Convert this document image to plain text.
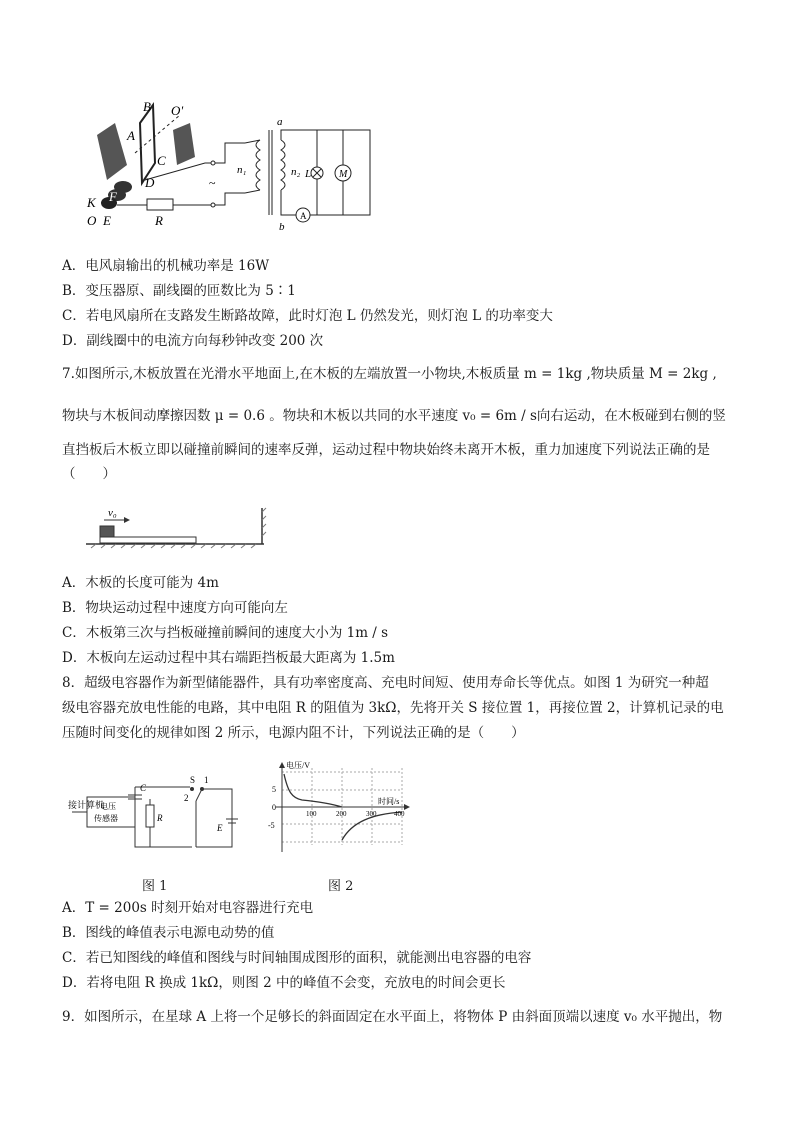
B O'
A
C
D
F
K
O E	R
n₁	n₂
a
b
L	M
A
~
A．电风扇输出的机械功率是 16W
B．变压器原、副线圈的匝数比为 5∶1
C．若电风扇所在支路发生断路故障，此时灯泡 L 仍然发光，则灯泡 L 的功率变大
D．副线圈中的电流方向每秒钟改变 200 次
7.如图所示,木板放置在光滑水平地面上,在木板的左端放置一小物块,木板质量 m = 1kg ,物块质量 M = 2kg ,
物块与木板间动摩擦因数 μ = 0.6 。物块和木板以共同的水平速度 v₀ = 6m / s向右运动，在木板碰到右侧的竖
直挡板后木板立即以碰撞前瞬间的速率反弹，运动过程中物块始终未离开木板，重力加速度下列说法正确的是
（　　）
v₀
A．木板的长度可能为 4m
B．物块运动过程中速度方向可能向左
C．木板第三次与挡板碰撞前瞬间的速度大小为 1m / s
D．木板向左运动过程中其右端距挡板最大距离为 1.5m
8．超级电容器作为新型储能器件，具有功率密度高、充电时间短、使用寿命长等优点。如图 1 为研究一种超
级电容器充放电性能的电路，其中电阻 R 的阻值为 3kΩ，先将开关 S 接位置 1，再接位置 2，计算机记录的电
压随时间变化的规律如图 2 所示，电源内阻不计，下列说法正确的是（　　）
接计算机
电压
传感器
C
S 1
2
R
E
电压/V
时间/s
100	200	300	400
5
0
-5
图 1	图 2
A．T = 200s 时刻开始对电容器进行充电
B．图线的峰值表示电源电动势的值
C．若已知图线的峰值和图线与时间轴围成图形的面积，就能测出电容器的电容
D．若将电阻 R 换成 1kΩ，则图 2 中的峰值不会变，充放电的时间会更长
9．如图所示，在星球 A 上将一个足够长的斜面固定在水平面上，将物体 P 由斜面顶端以速度 v₀ 水平抛出，物
